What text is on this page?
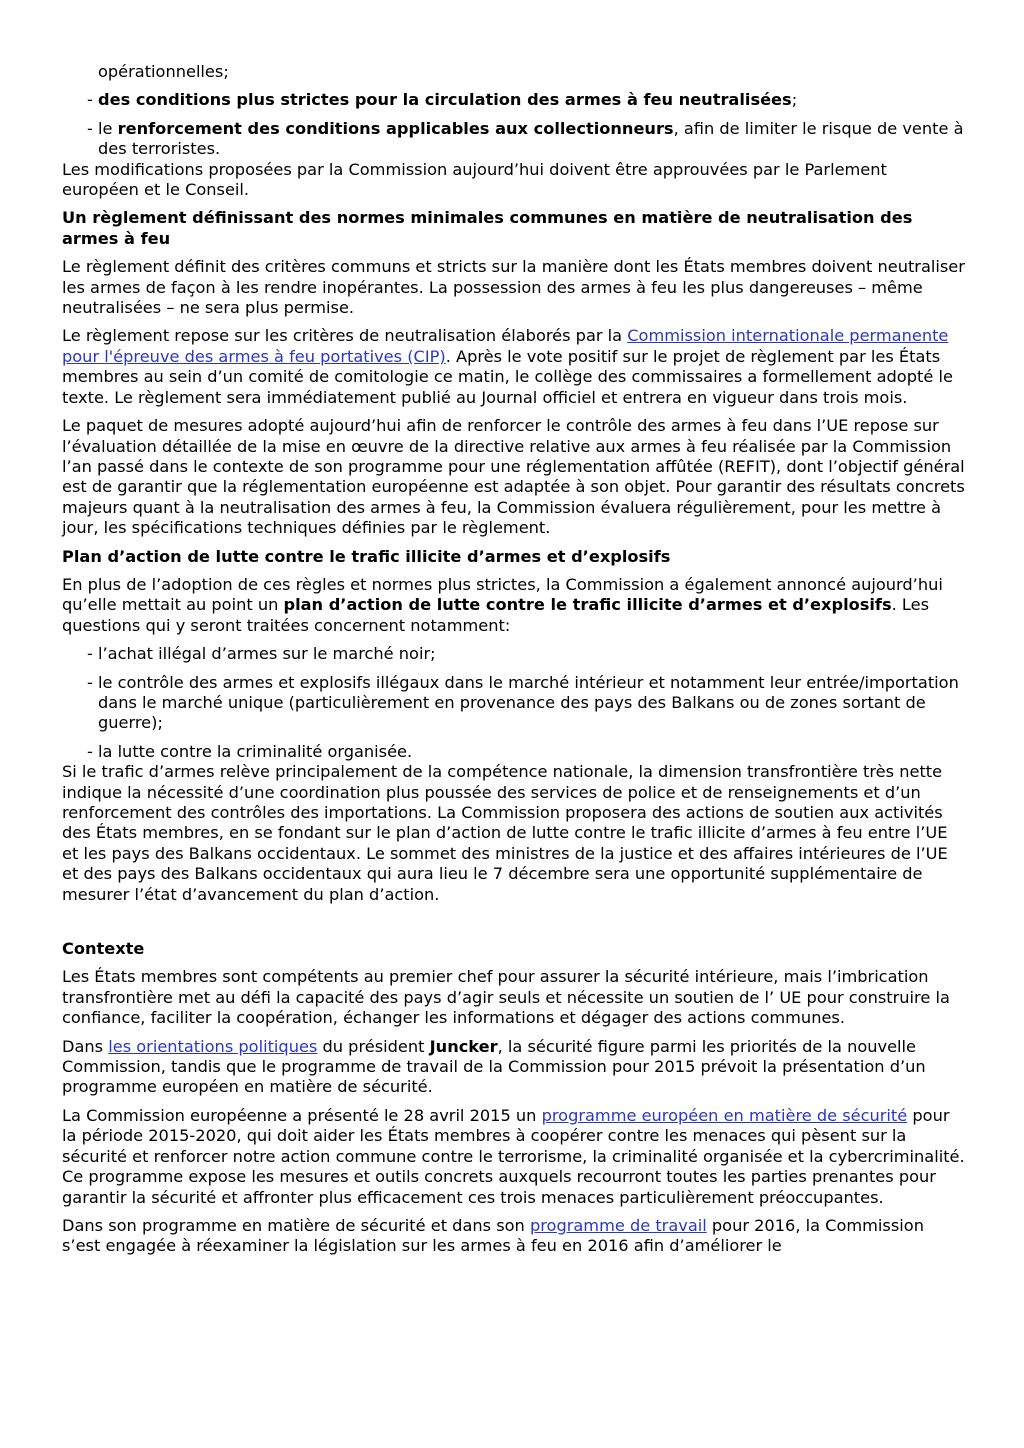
opérationnelles;
- des conditions plus strictes pour la circulation des armes à feu neutralisées;
- le renforcement des conditions applicables aux collectionneurs, afin de limiter le risque de vente à des terroristes.

Les modifications proposées par la Commission aujourd’hui doivent être approuvées par le Parlement européen et le Conseil.

Un règlement définissant des normes minimales communes en matière de neutralisation des armes à feu

Le règlement définit des critères communs et stricts sur la manière dont les États membres doivent neutraliser les armes de façon à les rendre inopérantes. La possession des armes à feu les plus dangereuses – même neutralisées – ne sera plus permise.

Le règlement repose sur les critères de neutralisation élaborés par la Commission internationale permanente pour l'épreuve des armes à feu portatives (CIP). Après le vote positif sur le projet de règlement par les États membres au sein d’un comité de comitologie ce matin, le collège des commissaires a formellement adopté le texte. Le règlement sera immédiatement publié au Journal officiel et entrera en vigueur dans trois mois.

Le paquet de mesures adopté aujourd’hui afin de renforcer le contrôle des armes à feu dans l’UE repose sur l’évaluation détaillée de la mise en œuvre de la directive relative aux armes à feu réalisée par la Commission l’an passé dans le contexte de son programme pour une réglementation affûtée (REFIT), dont l’objectif général est de garantir que la réglementation européenne est adaptée à son objet. Pour garantir des résultats concrets majeurs quant à la neutralisation des armes à feu, la Commission évaluera régulièrement, pour les mettre à jour, les spécifications techniques définies par le règlement.

Plan d’action de lutte contre le trafic illicite d’armes et d’explosifs

En plus de l’adoption de ces règles et normes plus strictes, la Commission a également annoncé aujourd’hui qu’elle mettait au point un plan d’action de lutte contre le trafic illicite d’armes et d’explosifs. Les questions qui y seront traitées concernent notamment:

- l’achat illégal d’armes sur le marché noir;
- le contrôle des armes et explosifs illégaux dans le marché intérieur et notamment leur entrée/importation dans le marché unique (particulièrement en provenance des pays des Balkans ou de zones sortant de guerre);
- la lutte contre la criminalité organisée.

Si le trafic d’armes relève principalement de la compétence nationale, la dimension transfrontière très nette indique la nécessité d’une coordination plus poussée des services de police et de renseignements et d’un renforcement des contrôles des importations. La Commission proposera des actions de soutien aux activités des États membres, en se fondant sur le plan d’action de lutte contre le trafic illicite d’armes à feu entre l’UE et les pays des Balkans occidentaux. Le sommet des ministres de la justice et des affaires intérieures de l’UE et des pays des Balkans occidentaux qui aura lieu le 7 décembre sera une opportunité supplémentaire de mesurer l’état d’avancement du plan d’action.

Contexte

Les États membres sont compétents au premier chef pour assurer la sécurité intérieure, mais l’imbrication transfrontière met au défi la capacité des pays d’agir seuls et nécessite un soutien de l’ UE pour construire la confiance, faciliter la coopération, échanger les informations et dégager des actions communes.

Dans les orientations politiques du président Juncker, la sécurité figure parmi les priorités de la nouvelle Commission, tandis que le programme de travail de la Commission pour 2015 prévoit la présentation d’un programme européen en matière de sécurité.

La Commission européenne a présenté le 28 avril 2015 un programme européen en matière de sécurité pour la période 2015-2020, qui doit aider les États membres à coopérer contre les menaces qui pèsent sur la sécurité et renforcer notre action commune contre le terrorisme, la criminalité organisée et la cybercriminalité. Ce programme expose les mesures et outils concrets auxquels recourront toutes les parties prenantes pour garantir la sécurité et affronter plus efficacement ces trois menaces particulièrement préoccupantes.

Dans son programme en matière de sécurité et dans son programme de travail pour 2016, la Commission s’est engagée à réexaminer la législation sur les armes à feu en 2016 afin d’améliorer le
